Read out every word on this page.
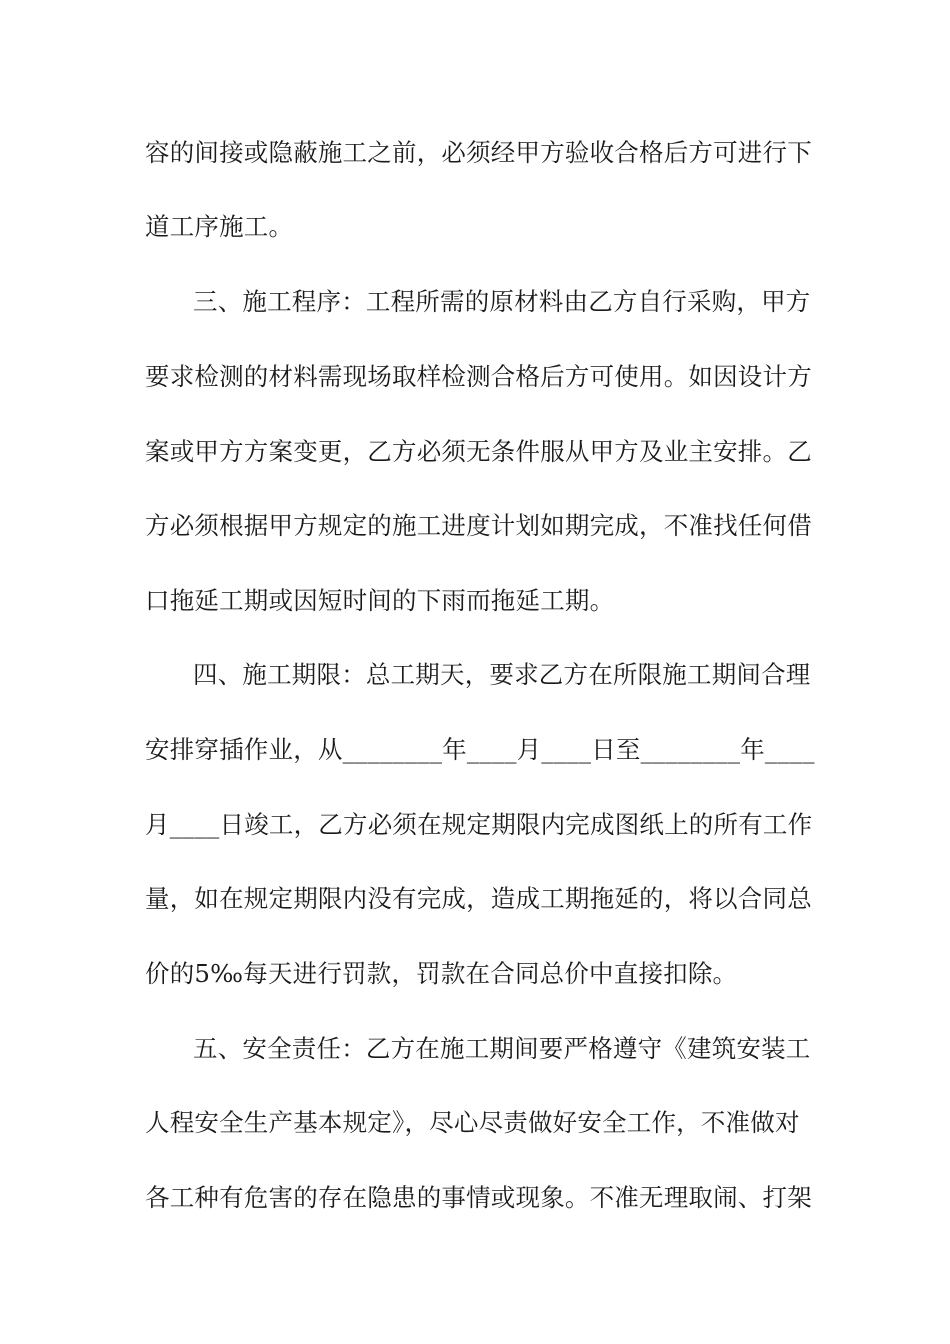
容的间接或隐蔽施工之前，必须经甲方验收合格后方可进行下
道工序施工。
三、施工程序：工程所需的原材料由乙方自行采购，甲方
要求检测的材料需现场取样检测合格后方可使用。如因设计方
案或甲方方案变更，乙方必须无条件服从甲方及业主安排。乙
方必须根据甲方规定的施工进度计划如期完成，不准找任何借
口拖延工期或因短时间的下雨而拖延工期。
四、施工期限：总工期天，要求乙方在所限施工期间合理
安排穿插作业，从________年____月____日至________年____
月____日竣工，乙方必须在规定期限内完成图纸上的所有工作
量，如在规定期限内没有完成，造成工期拖延的，将以合同总
价的5‰每天进行罚款，罚款在合同总价中直接扣除。
五、安全责任：乙方在施工期间要严格遵守《建筑安装工
人程安全生产基本规定》，尽心尽责做好安全工作，不准做对
各工种有危害的存在隐患的事情或现象。不准无理取闹、打架
